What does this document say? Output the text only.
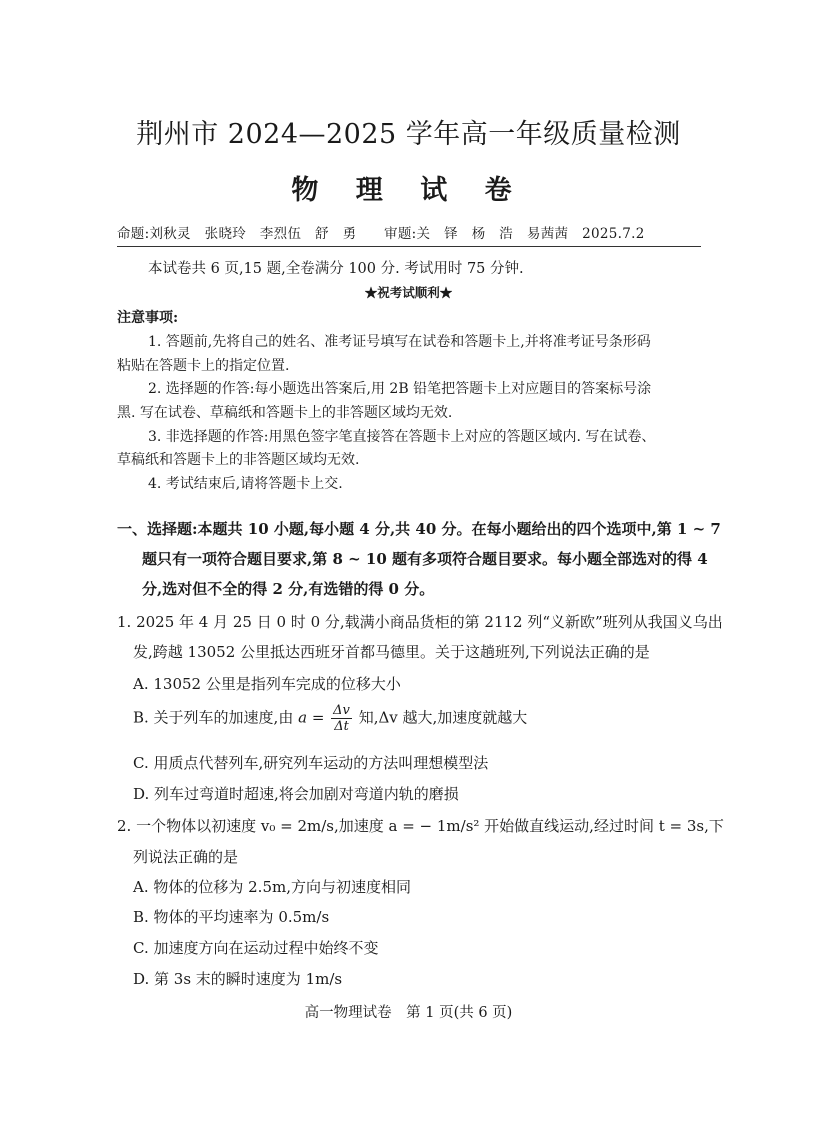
荆州市 2024—2025 学年高一年级质量检测
物 理 试 卷
命题:刘秋灵　张晓玲　李烈伍　舒　勇　　审题:关　铎　杨　浩　易茜茜　2025.7.2
本试卷共 6 页,15 题,全卷满分 100 分. 考试用时 75 分钟.
★祝考试顺利★
注意事项:
1. 答题前,先将自己的姓名、准考证号填写在试卷和答题卡上,并将准考证号条形码
粘贴在答题卡上的指定位置.
2. 选择题的作答:每小题选出答案后,用 2B 铅笔把答题卡上对应题目的答案标号涂
黑. 写在试卷、草稿纸和答题卡上的非答题区域均无效.
3. 非选择题的作答:用黑色签字笔直接答在答题卡上对应的答题区域内. 写在试卷、
草稿纸和答题卡上的非答题区域均无效.
4. 考试结束后,请将答题卡上交.
一、选择题:本题共 10 小题,每小题 4 分,共 40 分。在每小题给出的四个选项中,第 1 ~ 7
题只有一项符合题目要求,第 8 ~ 10 题有多项符合题目要求。每小题全部选对的得 4
分,选对但不全的得 2 分,有选错的得 0 分。
1. 2025 年 4 月 25 日 0 时 0 分,载满小商品货柜的第 2112 列“义新欧”班列从我国义乌出
发,跨越 13052 公里抵达西班牙首都马德里。关于这趟班列,下列说法正确的是
A. 13052 公里是指列车完成的位移大小
B. 关于列车的加速度,由 $a = \frac{\Delta v}{\Delta t}$ 知,Δv 越大,加速度就越大
C. 用质点代替列车,研究列车运动的方法叫理想模型法
D. 列车过弯道时超速,将会加剧对弯道内轨的磨损
2. 一个物体以初速度 v₀ = 2m/s,加速度 a = − 1m/s² 开始做直线运动,经过时间 t = 3s,下
列说法正确的是
A. 物体的位移为 2.5m,方向与初速度相同
B. 物体的平均速率为 0.5m/s
C. 加速度方向在运动过程中始终不变
D. 第 3s 末的瞬时速度为 1m/s
高一物理试卷　第 1 页(共 6 页)
